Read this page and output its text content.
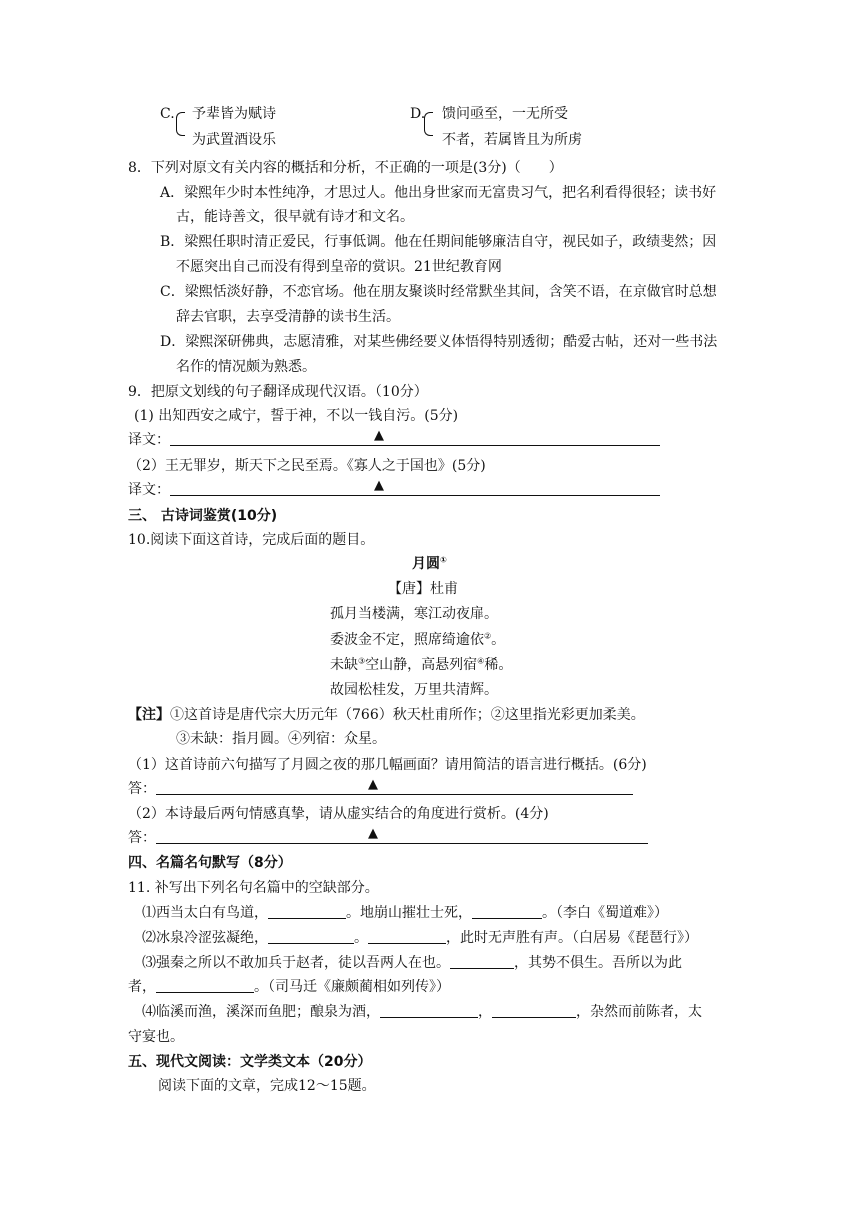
C. 予辈皆为赋诗
为武置酒设乐
D. 馈问亟至，一无所受
不者，若属皆且为所虏
8．下列对原文有关内容的概括和分析，不正确的一项是(3分)（　　）
A．梁熙年少时本性纯净，才思过人。他出身世家而无富贵习气，把名利看得很轻；读书好
古，能诗善文，很早就有诗才和文名。
B．梁熙任职时清正爱民，行事低调。他在任期间能够廉洁自守，视民如子，政绩斐然；因
不愿突出自己而没有得到皇帝的赏识。21世纪教育网
C．梁熙恬淡好静，不恋官场。他在朋友聚谈时经常默坐其间，含笑不语，在京做官时总想
辞去官职，去享受清静的读书生活。
D．梁熙深研佛典，志愿清雅，对某些佛经要义体悟得特别透彻；酷爱古帖，还对一些书法
名作的情况颇为熟悉。
9．把原文划线的句子翻译成现代汉语。（10分）
(1) 出知西安之咸宁，誓于神，不以一钱自污。(5分)
译文：	▲
（2）王无罪岁，斯天下之民至焉。《寡人之于国也》(5分)
译文：	▲
三、 古诗词鉴赏(10分)
10.阅读下面这首诗，完成后面的题目。
月圆①
【唐】杜甫
孤月当楼满，寒江动夜扉。
委波金不定，照席绮逾依②。
未缺③空山静，高悬列宿④稀。
故园松桂发，万里共清辉。
【注】①这首诗是唐代宗大历元年（766）秋天杜甫所作；②这里指光彩更加柔美。
③未缺：指月圆。④列宿：众星。
（1）这首诗前六句描写了月圆之夜的那几幅画面？请用简洁的语言进行概括。(6分)
答：	▲
（2）本诗最后两句情感真挚，请从虚实结合的角度进行赏析。(4分)
答：	▲
四、名篇名句默写（8分）
11. 补写出下列名句名篇中的空缺部分。
⑴西当太白有鸟道，	。地崩山摧壮士死，	。（李白《蜀道难》）
⑵冰泉冷涩弦凝绝，	。	，此时无声胜有声。（白居易《琵琶行》）
⑶强秦之所以不敢加兵于赵者，徒以吾两人在也。	，其势不俱生。吾所以为此
者，	。（司马迁《廉颇蔺相如列传》）
⑷临溪而渔，溪深而鱼肥；酿泉为酒，	，	，杂然而前陈者，太
守宴也。
五、现代文阅读：文学类文本（20分）
阅读下面的文章，完成12～15题。
